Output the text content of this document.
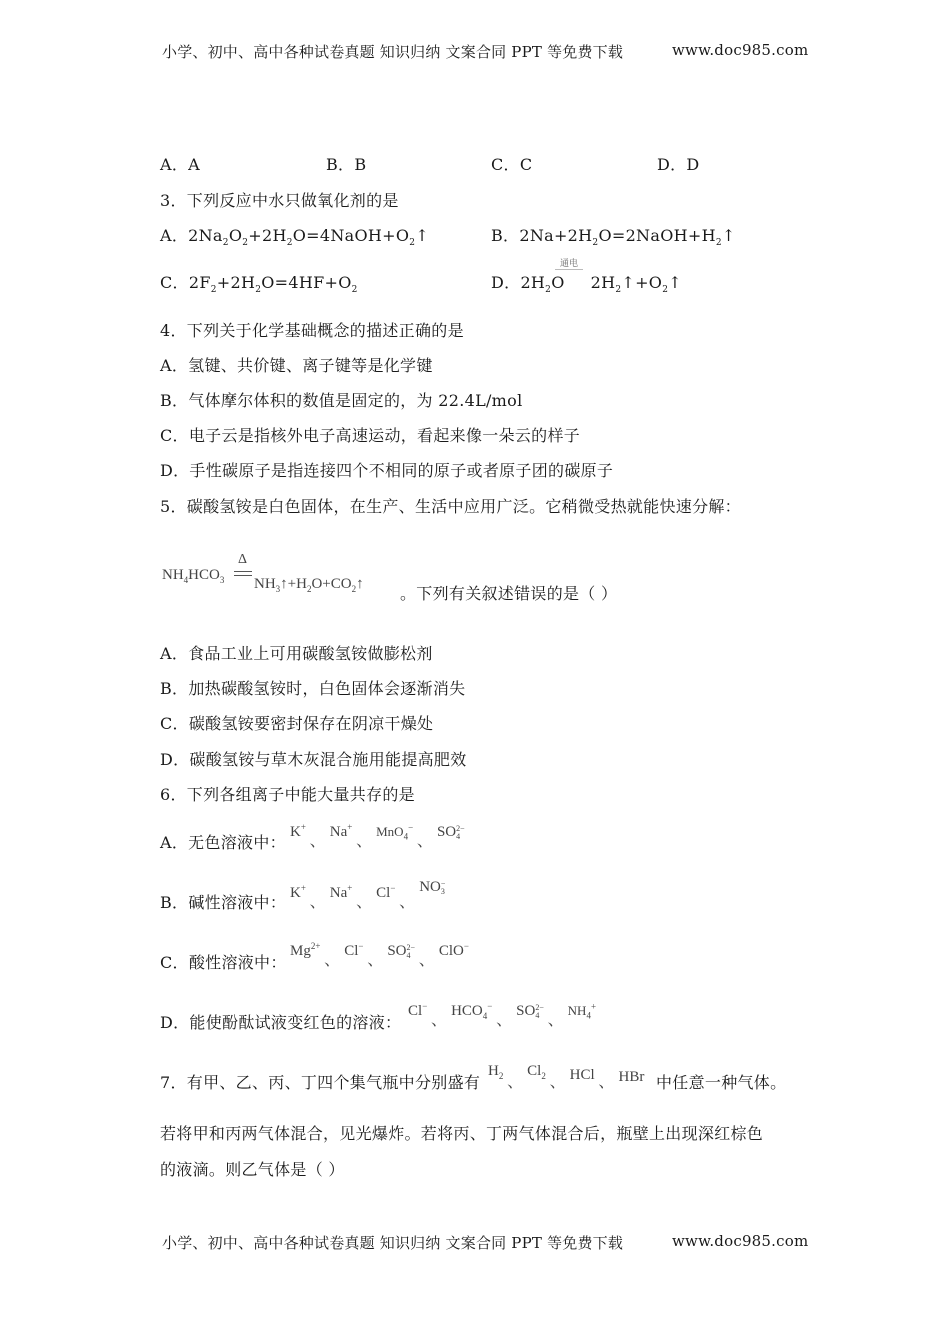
小学、初中、高中各种试卷真题 知识归纳 文案合同 PPT 等免费下载	www.doc985.com
A．A	B．B	C．C	D．D
3．下列反应中水只做氧化剂的是
A．$2Na_2O_2+2H_2O=4NaOH+O_2↑$	B．$2Na+2H_2O=2NaOH+H_2↑$
C．$2F_2+2H_2O=4HF+O_2$	D．$2H_2O$ $2H_2↑+O_2↑$
通电
4．下列关于化学基础概念的描述正确的是
A．氢键、共价键、离子键等是化学键
B．气体摩尔体积的数值是固定的，为 22.4L/mol
C．电子云是指核外电子高速运动，看起来像一朵云的样子
D．手性碳原子是指连接四个不相同的原子或者原子团的碳原子
5．碳酸氢铵是白色固体，在生产、生活中应用广泛。它稍微受热就能快速分解：
$NH_4HCO_3$
Δ
$NH_3↑+H_2O+CO_2↑$ 。下列有关叙述错误的是（ ）
A．食品工业上可用碳酸氢铵做膨松剂
B．加热碳酸氢铵时，白色固体会逐渐消失
C．碳酸氢铵要密封保存在阴凉干燥处
D．碳酸氢铵与草木灰混合施用能提高肥效
6．下列各组离子中能大量共存的是
A．无色溶液中：
K+ 、 Na+ 、 MnO$_4$− 、 SO 2−
4
B．碱性溶液中： K+ 、 Na+ 、 Cl− 、 NO −
3
C．酸性溶液中：
$Mg^{2+}$ 、 Cl− 、 SO 2−
4 、 ClO−
D．能使酚酞试液变红色的溶液：
Cl− 、 $HCO_4^-$ 、 SO 2−
4 、 $NH_4^+$
7．有甲、乙、丙、丁四个集气瓶中分别盛有
$H_2$ 、 $Cl_2$ 、 HCl 、 HBr 中任意一种气体。
若将甲和丙两气体混合，见光爆炸。若将丙、丁两气体混合后，瓶壁上出现深红棕色
的液滴。则乙气体是（ ）
小学、初中、高中各种试卷真题 知识归纳 文案合同 PPT 等免费下载	www.doc985.com
